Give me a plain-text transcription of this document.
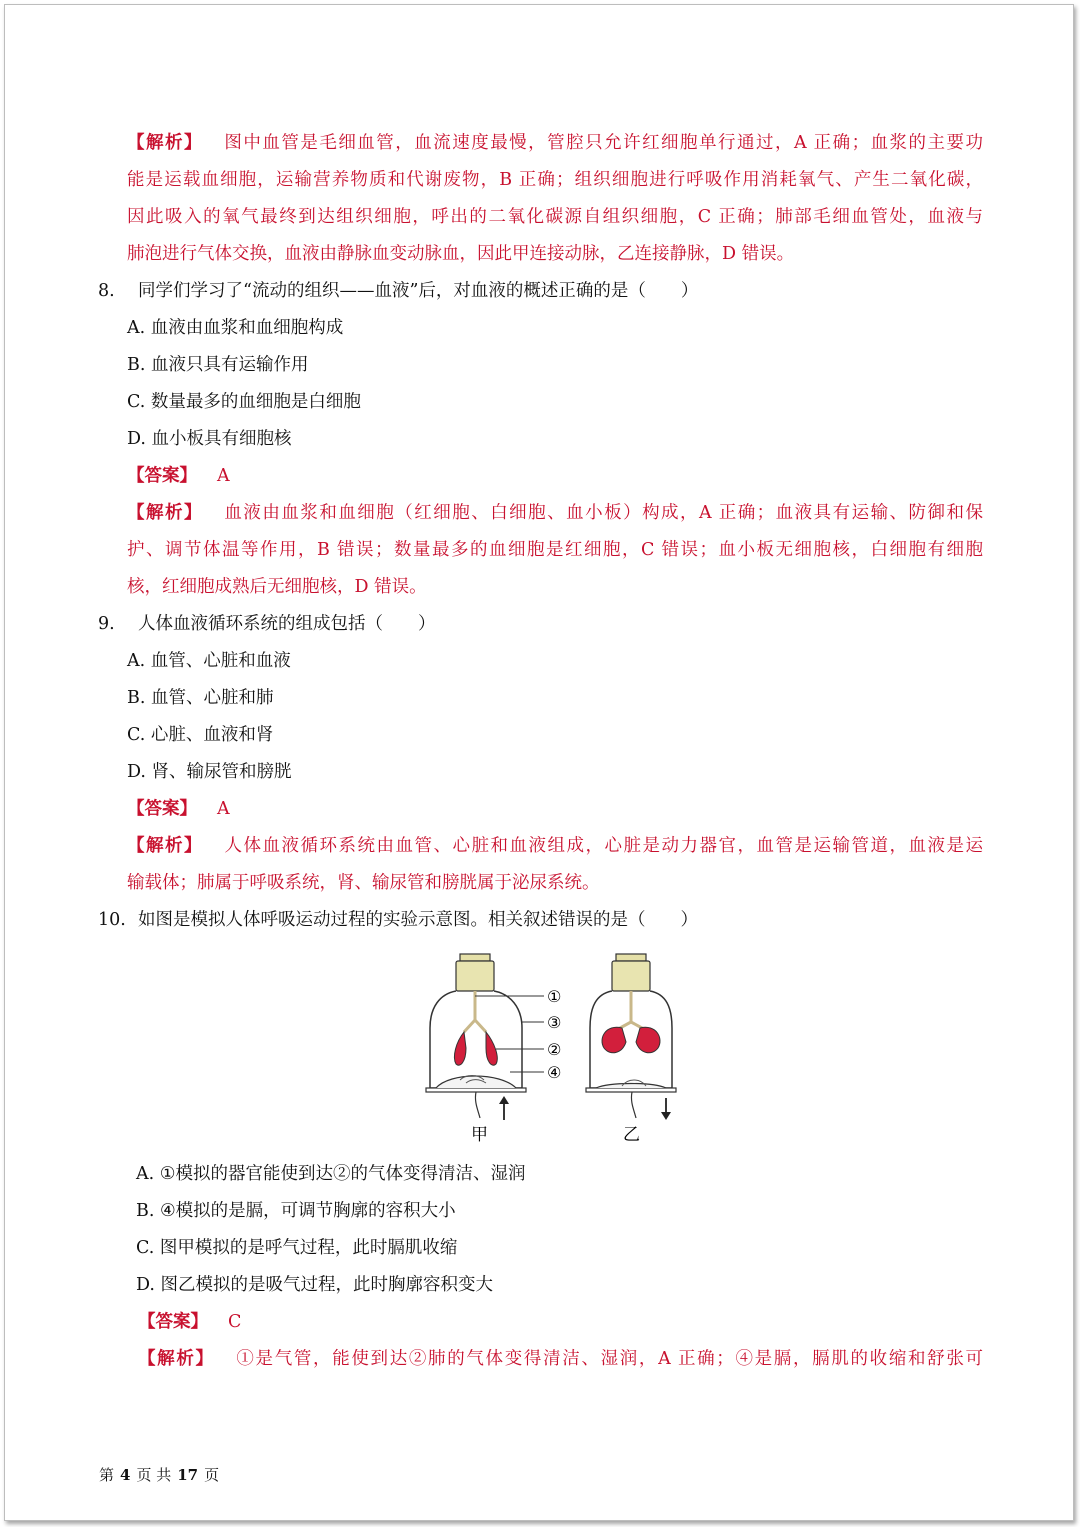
【解析】 图中血管是毛细血管，血流速度最慢，管腔只允许红细胞单行通过，A 正确；血浆的主要功
能是运载血细胞，运输营养物质和代谢废物，B 正确；组织细胞进行呼吸作用消耗氧气、产生二氧化碳，
因此吸入的氧气最终到达组织细胞，呼出的二氧化碳源自组织细胞，C 正确；肺部毛细血管处，血液与
肺泡进行气体交换，血液由静脉血变动脉血，因此甲连接动脉，乙连接静脉，D 错误。
8. 同学们学习了“流动的组织——血液”后，对血液的概述正确的是（　　）
A. 血液由血浆和血细胞构成
B. 血液只具有运输作用
C. 数量最多的血细胞是白细胞
D. 血小板具有细胞核
【答案】 A
【解析】 血液由血浆和血细胞（红细胞、白细胞、血小板）构成，A 正确；血液具有运输、防御和保
护、调节体温等作用，B 错误；数量最多的血细胞是红细胞，C 错误；血小板无细胞核，白细胞有细胞
核，红细胞成熟后无细胞核，D 错误。
9. 人体血液循环系统的组成包括（　　）
A. 血管、心脏和血液
B. 血管、心脏和肺
C. 心脏、血液和肾
D. 肾、输尿管和膀胱
【答案】 A
【解析】 人体血液循环系统由血管、心脏和血液组成，心脏是动力器官，血管是运输管道，血液是运
输载体；肺属于呼吸系统，肾、输尿管和膀胱属于泌尿系统。
10. 如图是模拟人体呼吸运动过程的实验示意图。相关叙述错误的是（　　）
①
③
②
④
甲	乙
A. ①模拟的器官能使到达②的气体变得清洁、湿润
B. ④模拟的是膈，可调节胸廓的容积大小
C. 图甲模拟的是呼气过程，此时膈肌收缩
D. 图乙模拟的是吸气过程，此时胸廓容积变大
【答案】 C
【解析】 ①是气管，能使到达②肺的气体变得清洁、湿润，A 正确；④是膈，膈肌的收缩和舒张可
第 4 页 共 17 页
